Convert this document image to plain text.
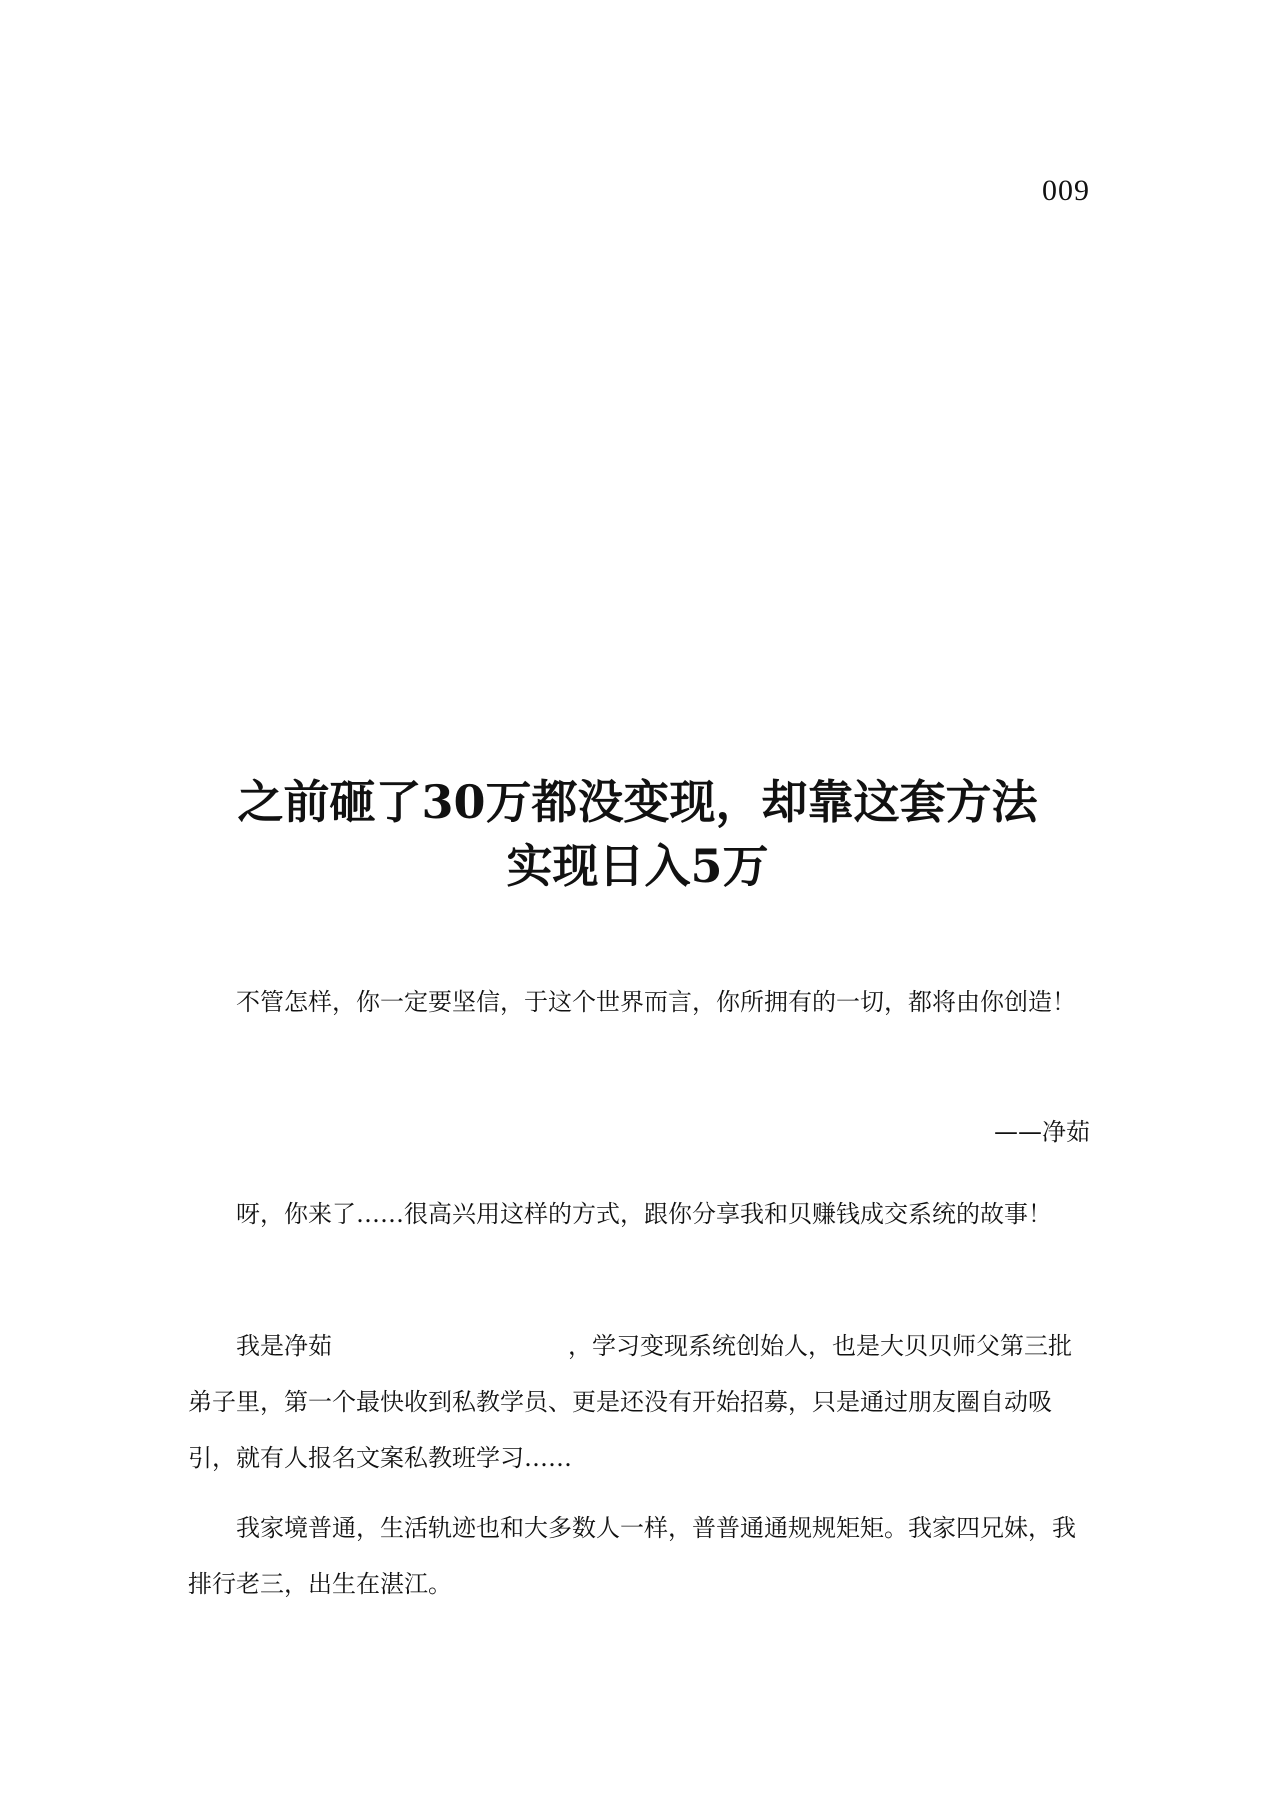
009
之前砸了30万都没变现，却靠这套方法
实现日入5万

不管怎样，你一定要坚信，于这个世界而言，你所拥有的一切，都将由你创造！

——净茹

呀，你来了……很高兴用这样的方式，跟你分享我和贝赚钱成交系统的故事！

我是净茹	，学习变现系统创始人，也是大贝贝师父第三批弟子里，第一个最快收到私教学员、更是还没有开始招募，只是通过朋友圈自动吸引，就有人报名文案私教班学习……

我家境普通，生活轨迹也和大多数人一样，普普通通规规矩矩。我家四兄妹，我排行老三，出生在湛江。
